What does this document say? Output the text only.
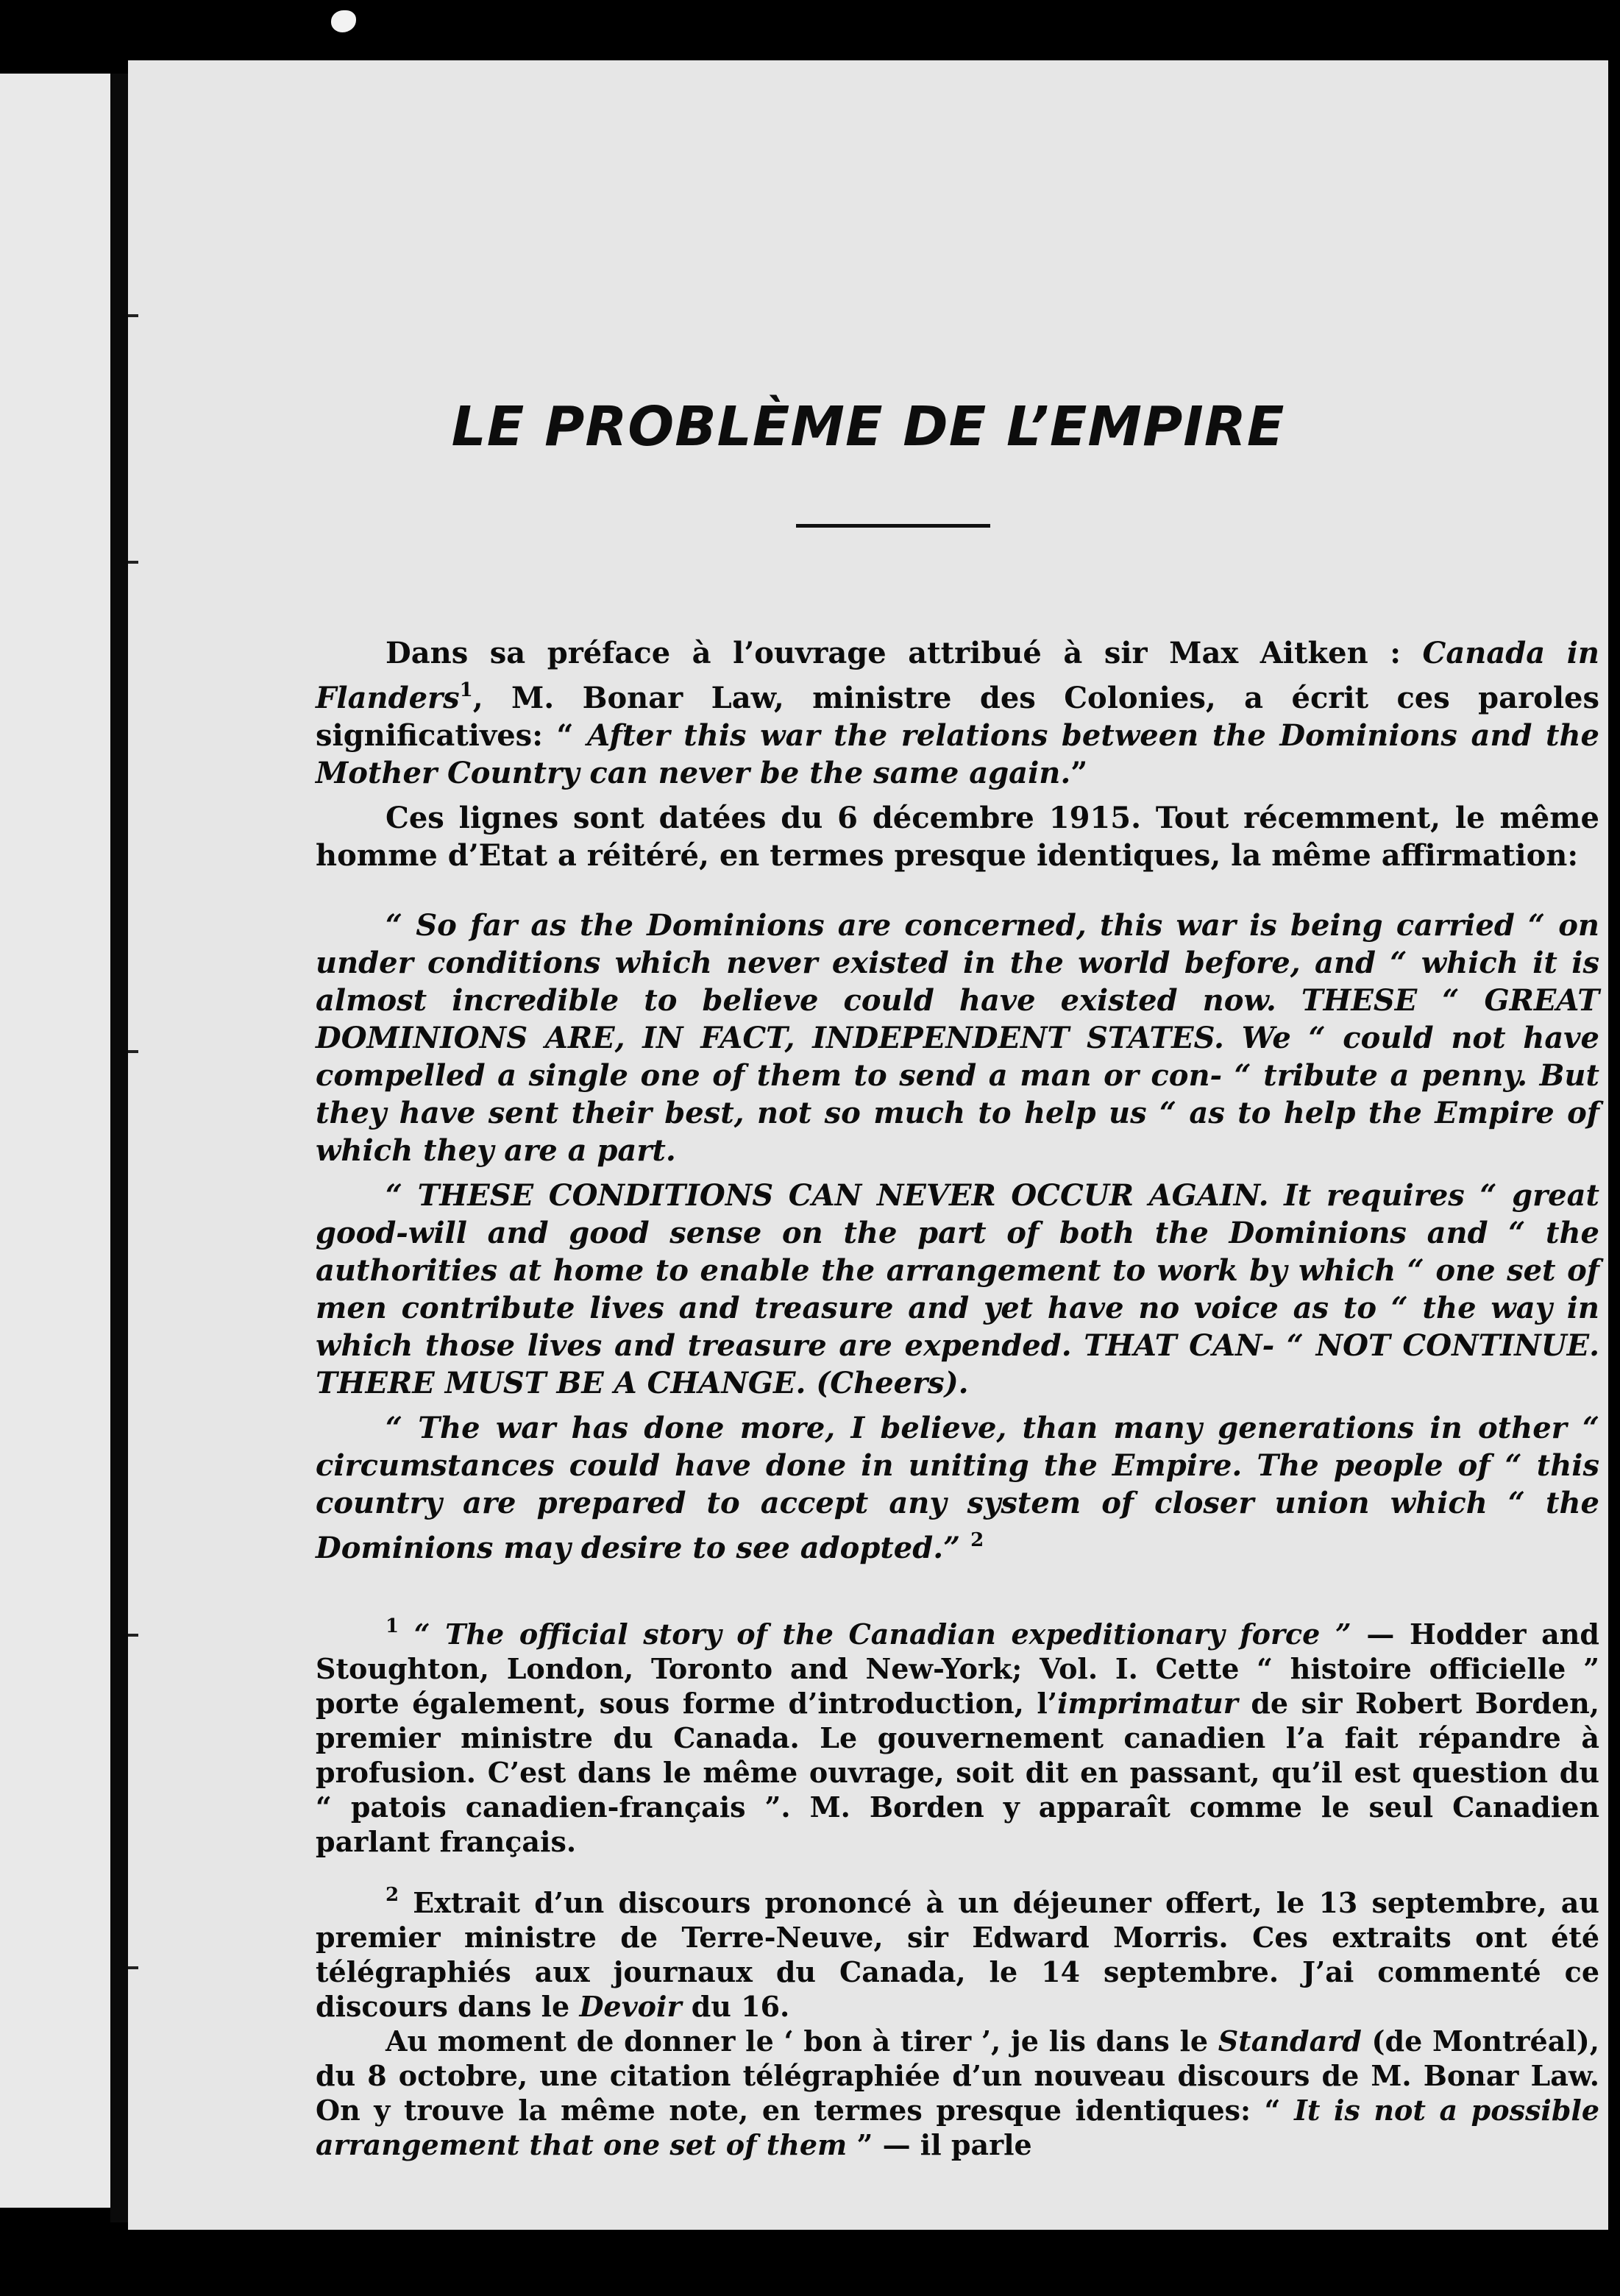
LE PROBLÈME DE L’EMPIRE

Dans sa préface à l’ouvrage attribué à sir Max Aitken : Canada in Flanders$^1$, M. Bonar Law, ministre des Colonies, a écrit ces paroles significatives: “ After this war the relations between the Dominions and the Mother Country can never be the same again.”

Ces lignes sont datées du 6 décembre 1915. Tout récemment, le même homme d’Etat a réitéré, en termes presque identiques, la même affirmation:

“ So far as the Dominions are concerned, this war is being carried “ on under conditions which never existed in the world before, and “ which it is almost incredible to believe could have existed now. THESE “ GREAT DOMINIONS ARE, IN FACT, INDEPENDENT STATES. We “ could not have compelled a single one of them to send a man or con- “ tribute a penny. But they have sent their best, not so much to help us “ as to help the Empire of which they are a part.

“ THESE CONDITIONS CAN NEVER OCCUR AGAIN. It requires “ great good-will and good sense on the part of both the Dominions and “ the authorities at home to enable the arrangement to work by which “ one set of men contribute lives and treasure and yet have no voice as to “ the way in which those lives and treasure are expended. THAT CAN- “ NOT CONTINUE. THERE MUST BE A CHANGE. (Cheers).

“ The war has done more, I believe, than many generations in other “ circumstances could have done in uniting the Empire. The people of “ this country are prepared to accept any system of closer union which “ the Dominions may desire to see adopted.” $^2$

$^1$ “ The official story of the Canadian expeditionary force ” — Hodder and Stoughton, London, Toronto and New-York; Vol. I. Cette “ histoire officielle ” porte également, sous forme d’introduction, l’imprimatur de sir Robert Borden, premier ministre du Canada. Le gouvernement canadien l’a fait répandre à profusion. C’est dans le même ouvrage, soit dit en passant, qu’il est question du “ patois canadien-français ”. M. Borden y apparaît comme le seul Canadien parlant français.

$^2$ Extrait d’un discours prononcé à un déjeuner offert, le 13 septembre, au premier ministre de Terre-Neuve, sir Edward Morris. Ces extraits ont été télégraphiés aux journaux du Canada, le 14 septembre. J’ai commenté ce discours dans le Devoir du 16.

Au moment de donner le ‘ bon à tirer ’, je lis dans le Standard (de Montréal), du 8 octobre, une citation télégraphiée d’un nouveau discours de M. Bonar Law. On y trouve la même note, en termes presque identiques: “ It is not a possible arrangement that one set of them ” — il parle
